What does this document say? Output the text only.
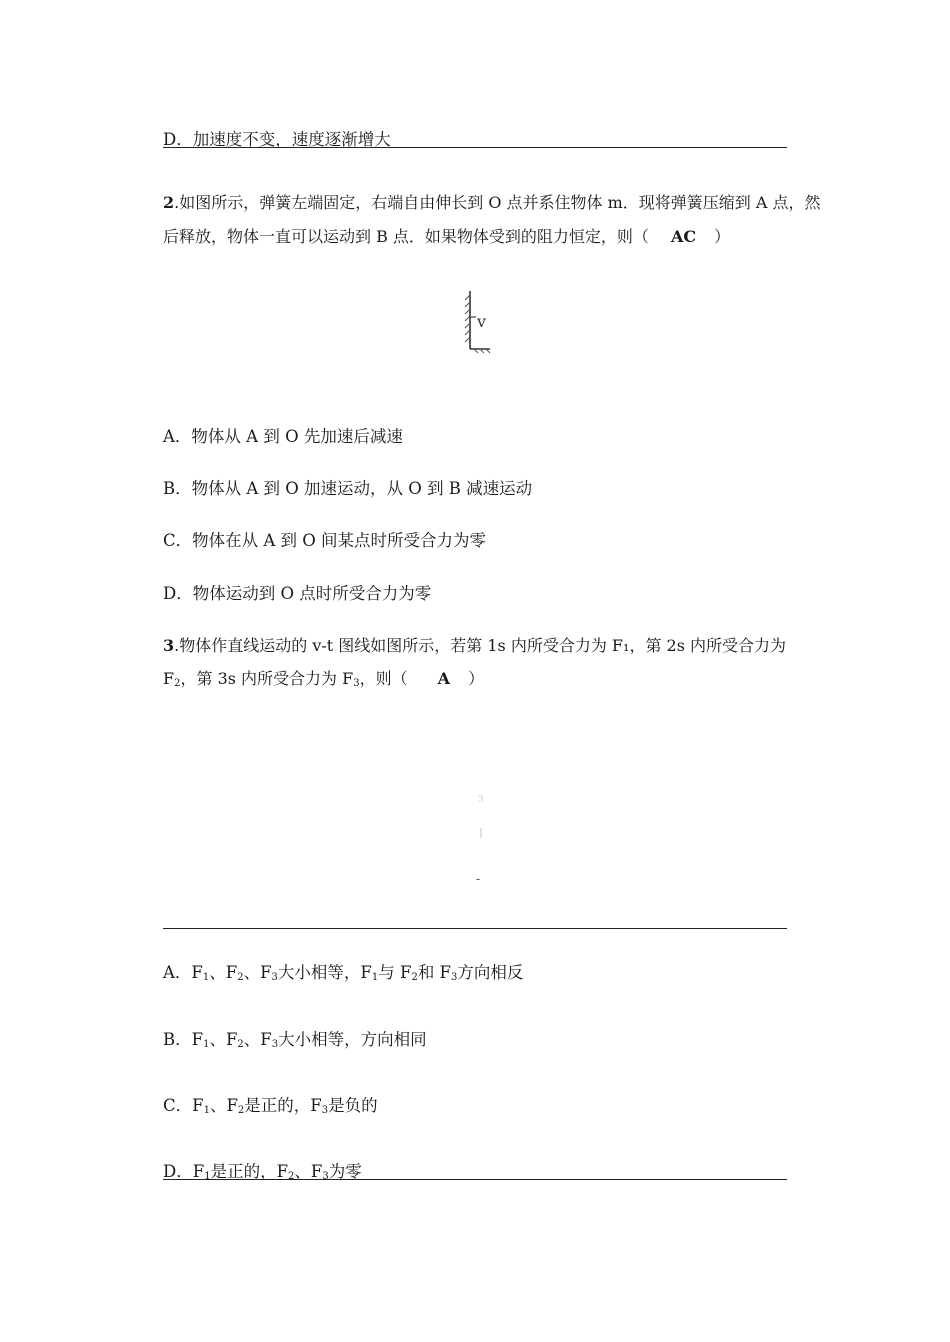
D．加速度不变，速度逐渐增大
2.如图所示，弹簧左端固定，右端自由伸长到 O 点并系住物体 m．现将弹簧压缩到 A 点，然
后释放，物体一直可以运动到 B 点．如果物体受到的阻力恒定，则（ AC ）
v
A．物体从 A 到 O 先加速后减速
B．物体从 A 到 O 加速运动，从 O 到 B 减速运动
C．物体在从 A 到 O 间某点时所受合力为零
D．物体运动到 O 点时所受合力为零
3.物体作直线运动的 v-t 图线如图所示，若第 1s 内所受合力为 F₁，第 2s 内所受合力为
$F_2$，第 3s 内所受合力为 $F_3$，则（ A ）
3
-
A．$F_1$、$F_2$、$F_3$大小相等，$F_1$与 $F_2$和 $F_3$方向相反
B．$F_1$、$F_2$、$F_3$大小相等，方向相同
C．$F_1$、$F_2$是正的，$F_3$是负的
D．$F_1$是正的，$F_2$、$F_3$为零
